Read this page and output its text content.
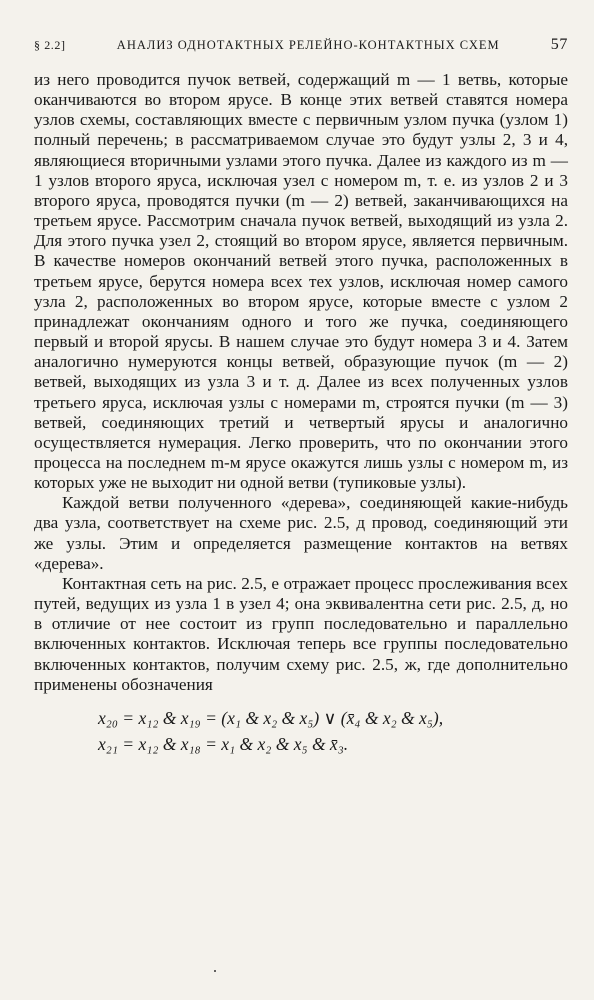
§ 2.2]	АНАЛИЗ ОДНОТАКТНЫХ РЕЛЕЙНО-КОНТАКТНЫХ СХЕМ	57

из него проводится пучок ветвей, содержащий m — 1 ветвь, которые оканчиваются во втором ярусе. В конце этих ветвей ставятся номера узлов схемы, составляющих вместе с первичным узлом пучка (узлом 1) полный перечень; в рассматриваемом случае это будут узлы 2, 3 и 4, являющиеся вторичными узлами этого пучка. Далее из каждого из m — 1 узлов второго яруса, исключая узел с номером m, т. е. из узлов 2 и 3 второго яруса, проводятся пучки (m — 2) ветвей, заканчивающихся на третьем ярусе. Рассмотрим сначала пучок ветвей, выходящий из узла 2. Для этого пучка узел 2, стоящий во втором ярусе, является первичным. В качестве номеров окончаний ветвей этого пучка, расположенных в третьем ярусе, берутся номера всех тех узлов, исключая номер самого узла 2, расположенных во втором ярусе, которые вместе с узлом 2 принадлежат окончаниям одного и того же пучка, соединяющего первый и второй ярусы. В нашем случае это будут номера 3 и 4. Затем аналогично нумеруются концы ветвей, образующие пучок (m — 2) ветвей, выходящих из узла 3 и т. д. Далее из всех полученных узлов третьего яруса, исключая узлы с номерами m, строятся пучки (m — 3) ветвей, соединяющих третий и четвертый ярусы и аналогично осуществляется нумерация. Легко проверить, что по окончании этого процесса на последнем m-м ярусе окажутся лишь узлы с номером m, из которых уже не выходит ни одной ветви (тупиковые узлы).

Каждой ветви полученного «дерева», соединяющей какие-нибудь два узла, соответствует на схеме рис. 2.5, д провод, соединяющий эти же узлы. Этим и определяется размещение контактов на ветвях «дерева».

Контактная сеть на рис. 2.5, е отражает процесс прослеживания всех путей, ведущих из узла 1 в узел 4; она эквивалентна сети рис. 2.5, д, но в отличие от нее состоит из групп последовательно и параллельно включенных контактов. Исключая теперь все группы последовательно включенных контактов, получим схему рис. 2.5, ж, где дополнительно применены обозначения

x₂₀ = x₁₂ & x₁₉ = (x₁ & x₂ & x₅) ∨ (x̄₄ & x₂ & x₅),
x₂₁ = x₁₂ & x₁₈ = x₁ & x₂ & x₅ & x̄₃.
